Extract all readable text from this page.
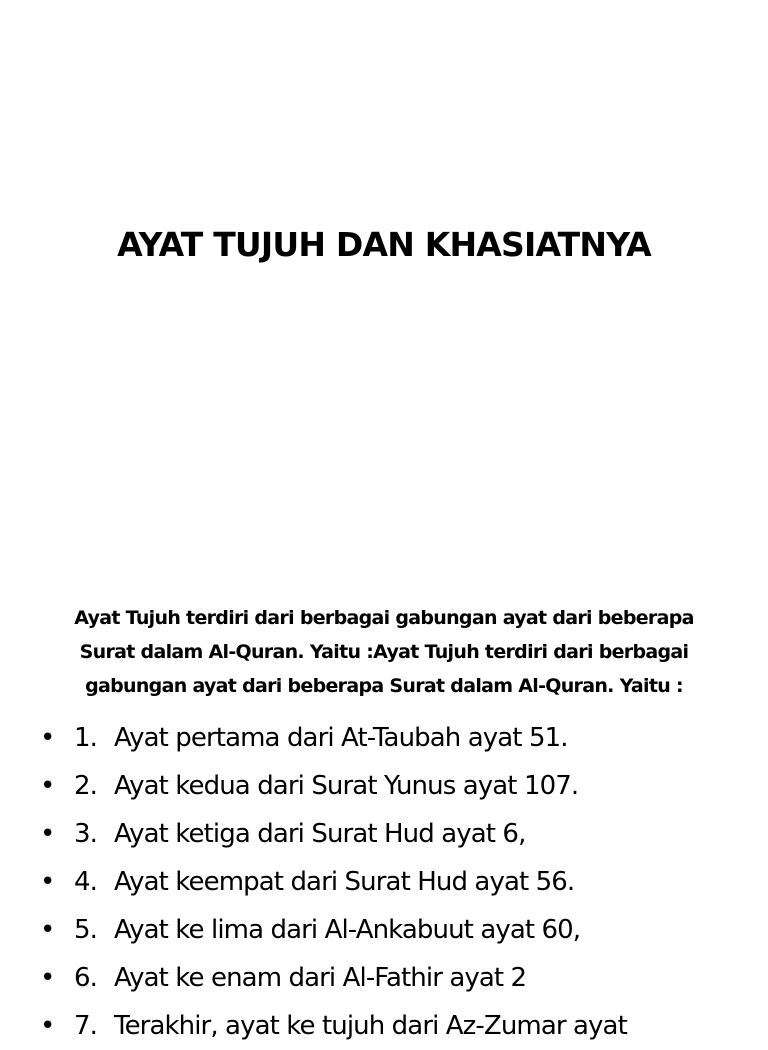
AYAT TUJUH DAN KHASIATNYA
Ayat Tujuh terdiri dari berbagai gabungan ayat dari beberapa
Surat dalam Al-Quran. Yaitu :Ayat Tujuh terdiri dari berbagai
gabungan ayat dari beberapa Surat dalam Al-Quran. Yaitu :
• 1. Ayat pertama dari At-Taubah ayat 51.
• 2. Ayat kedua dari Surat Yunus ayat 107.
• 3. Ayat ketiga dari Surat Hud ayat 6,
• 4. Ayat keempat dari Surat Hud ayat 56.
• 5. Ayat ke lima dari Al-Ankabuut ayat 60,
• 6. Ayat ke enam dari Al-Fathir ayat 2
• 7. Terakhir, ayat ke tujuh dari Az-Zumar ayat
